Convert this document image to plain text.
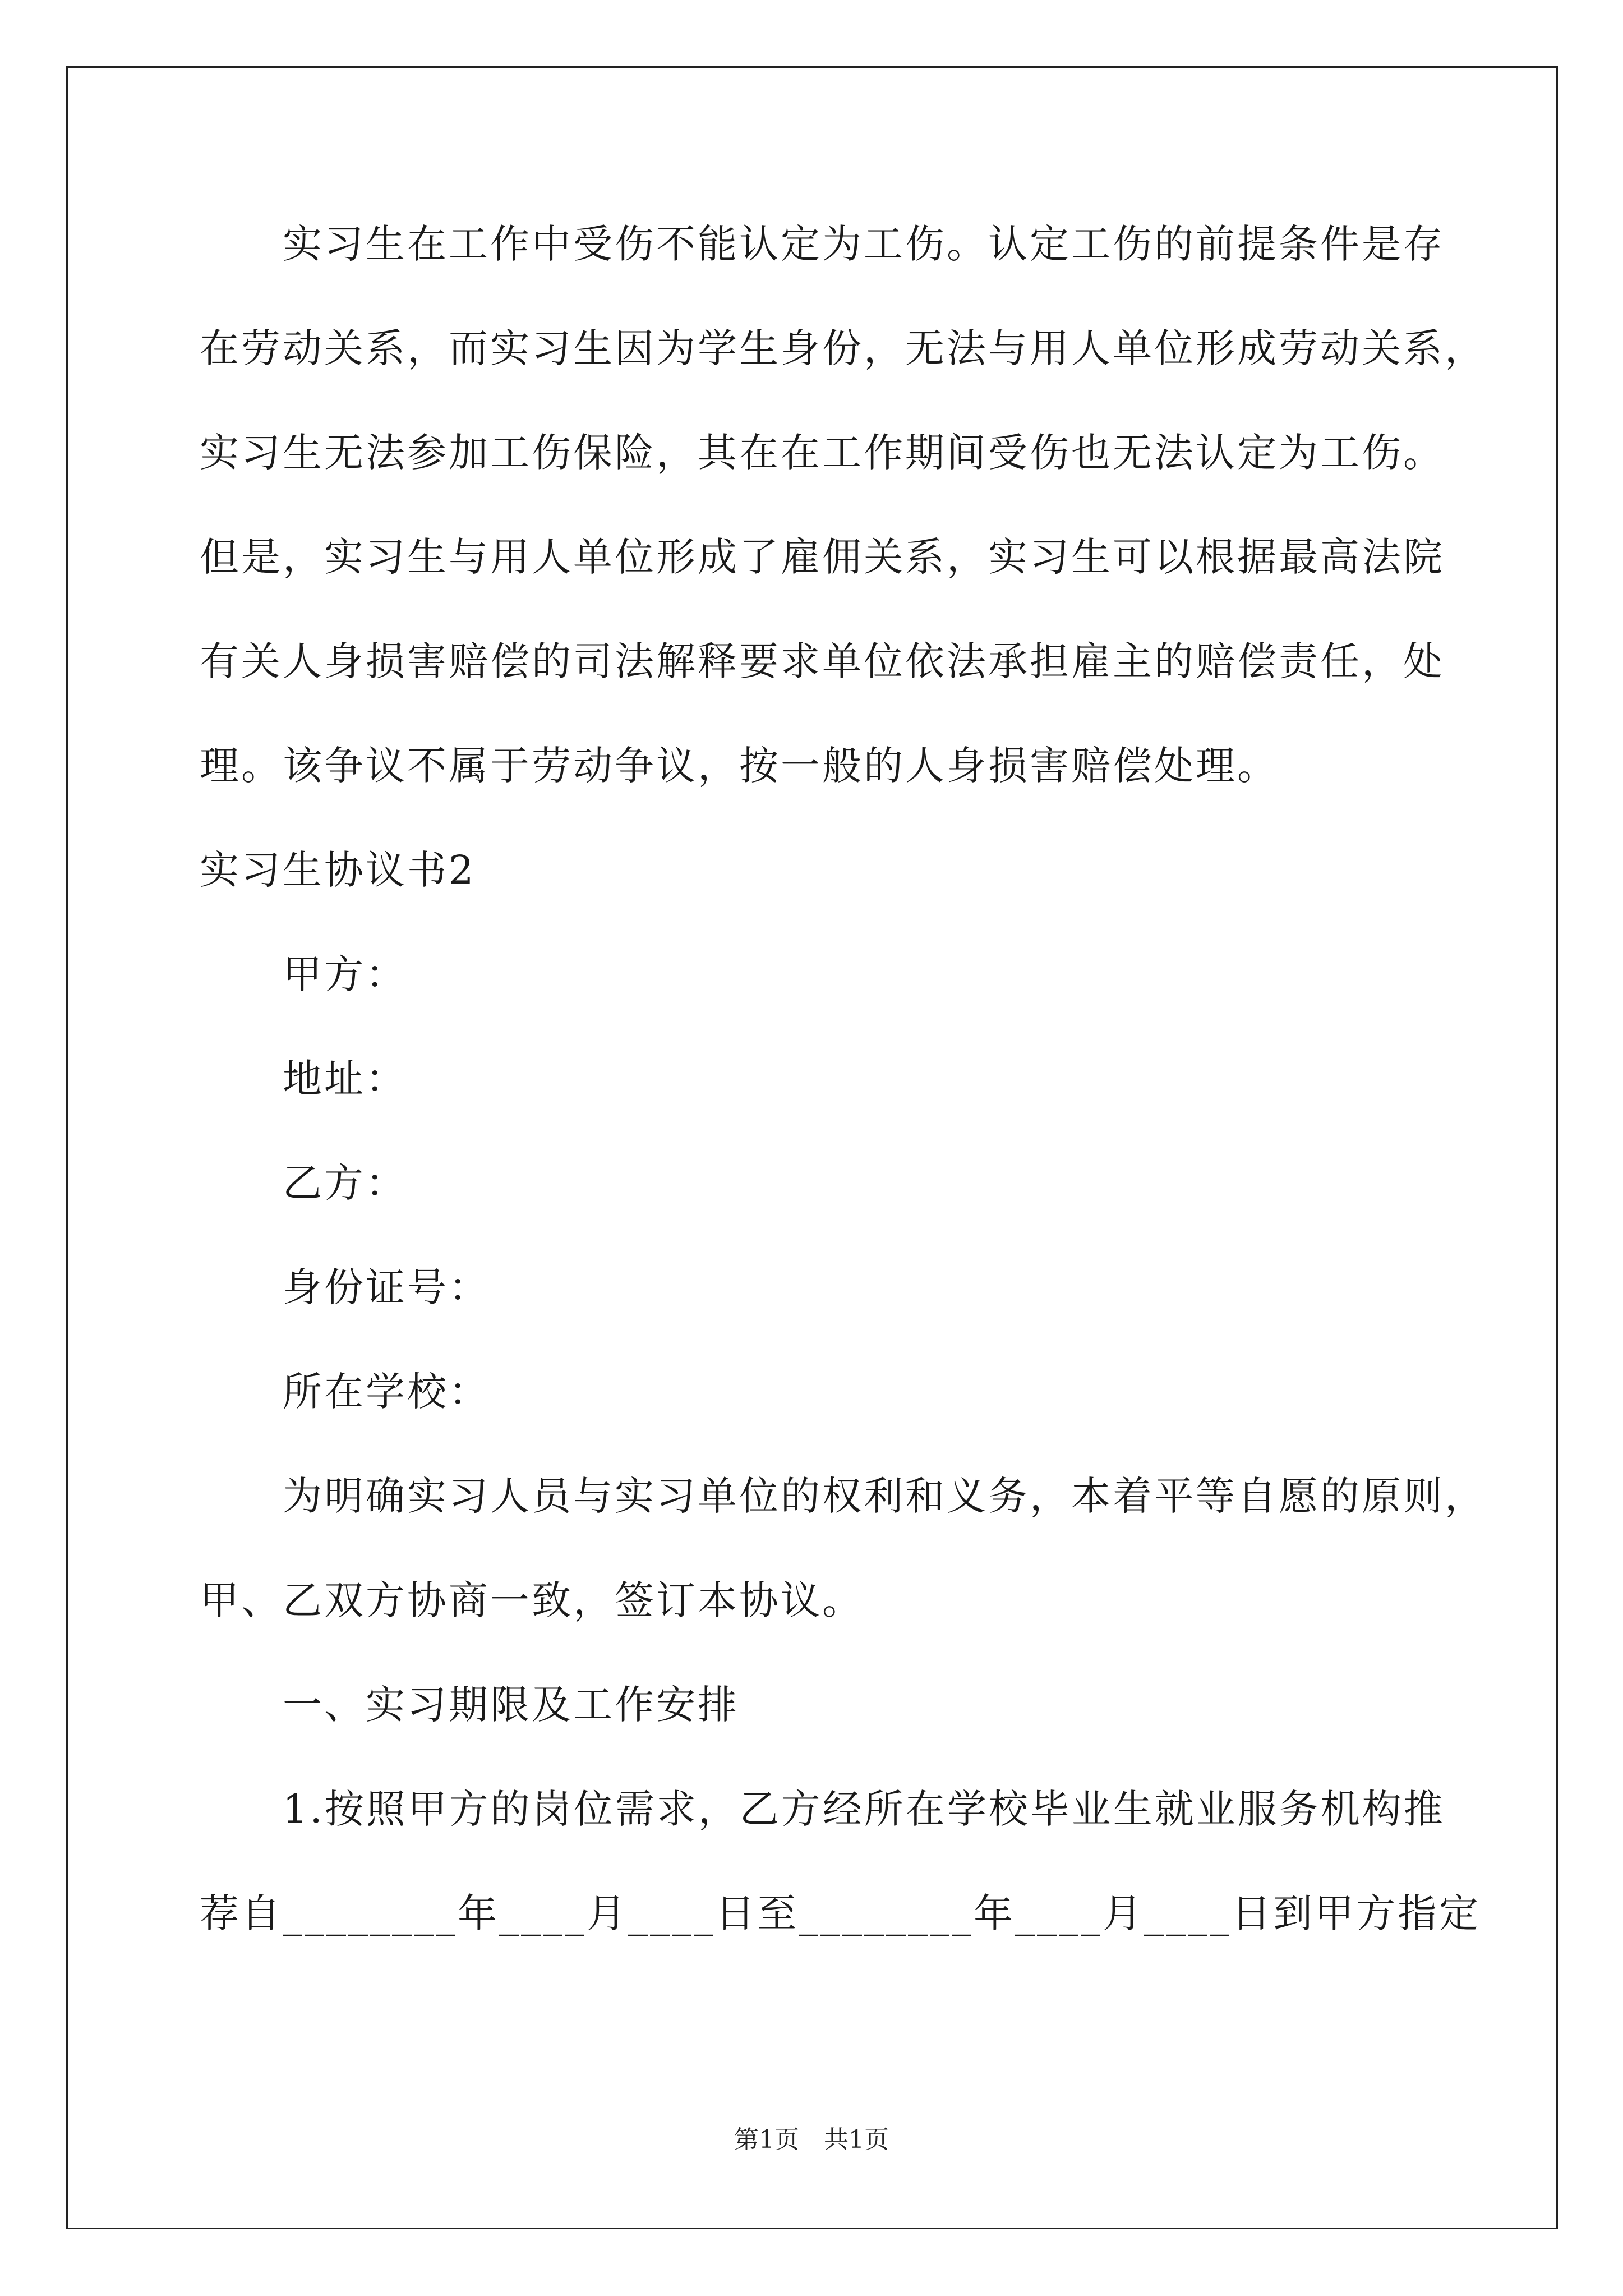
实习生在工作中受伤不能认定为工伤。认定工伤的前提条件是存
在劳动关系，而实习生因为学生身份，无法与用人单位形成劳动关系，
实习生无法参加工伤保险，其在在工作期间受伤也无法认定为工伤。
但是，实习生与用人单位形成了雇佣关系，实习生可以根据最高法院
有关人身损害赔偿的司法解释要求单位依法承担雇主的赔偿责任，处
理。该争议不属于劳动争议，按一般的人身损害赔偿处理。
实习生协议书2
甲方：
地址：
乙方：
身份证号：
所在学校：
为明确实习人员与实习单位的权利和义务，本着平等自愿的原则，
甲、乙双方协商一致，签订本协议。
一、实习期限及工作安排
1.按照甲方的岗位需求，乙方经所在学校毕业生就业服务机构推
荐自________年____月____日至________年____月____日到甲方指定
第1页　共1页
